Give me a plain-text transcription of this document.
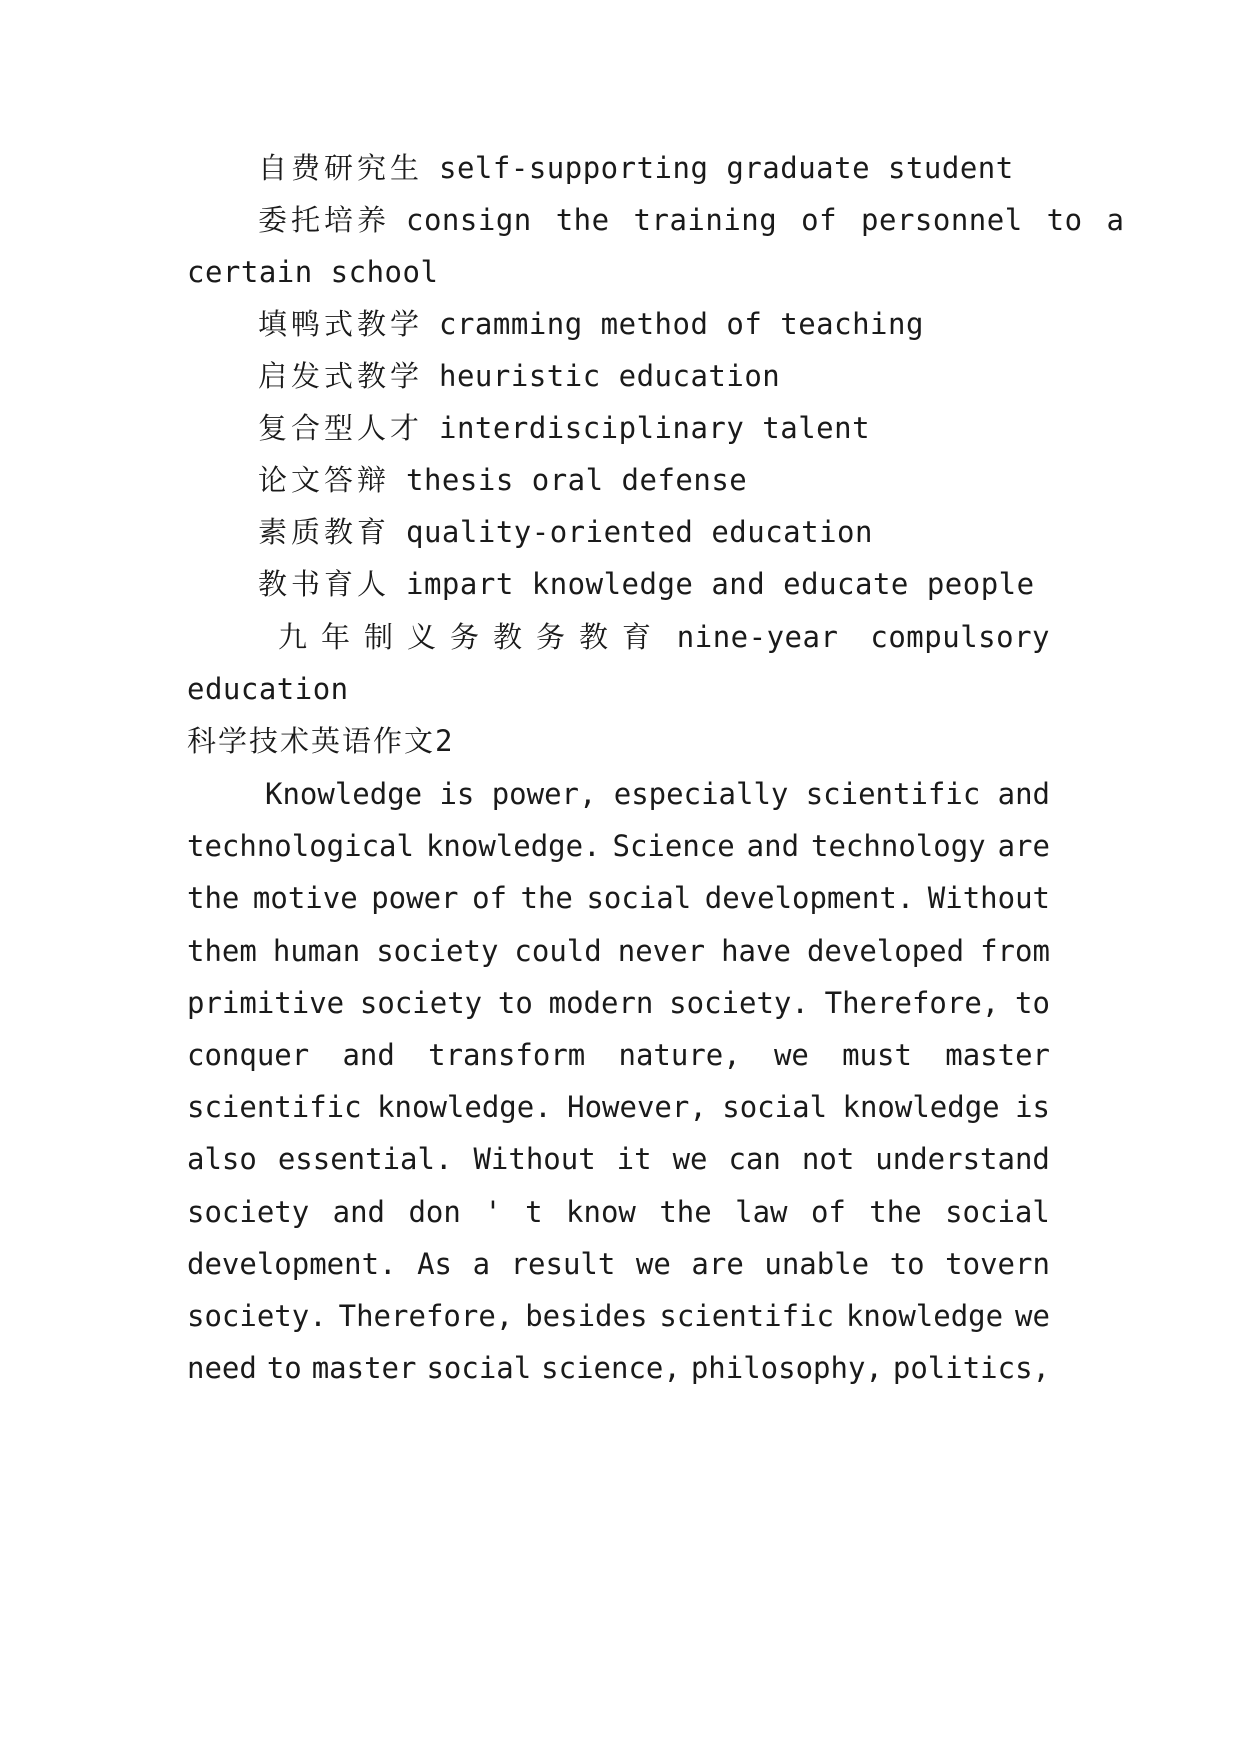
自费研究生 self-supporting graduate student
委托培养 consign the training of personnel to a
certain school
填鸭式教学 cramming method of teaching
启发式教学 heuristic education
复合型人才 interdisciplinary talent
论文答辩 thesis oral defense
素质教育 quality-oriented education
教书育人 impart knowledge and educate people
九年制义务教务教育 nine-year compulsory
education
科学技术英语作文2
Knowledge is power, especially scientific and
technological knowledge. Science and technology are
the motive power of the social development. Without
them human society could never have developed from
primitive society to modern society. Therefore, to
conquer and transform nature, we must master
scientific knowledge. However, social knowledge is
also essential. Without it we can not understand
society and don ' t know the law of the social
development. As a result we are unable to tovern
society. Therefore, besides scientific knowledge we
need to master social science, philosophy, politics,
